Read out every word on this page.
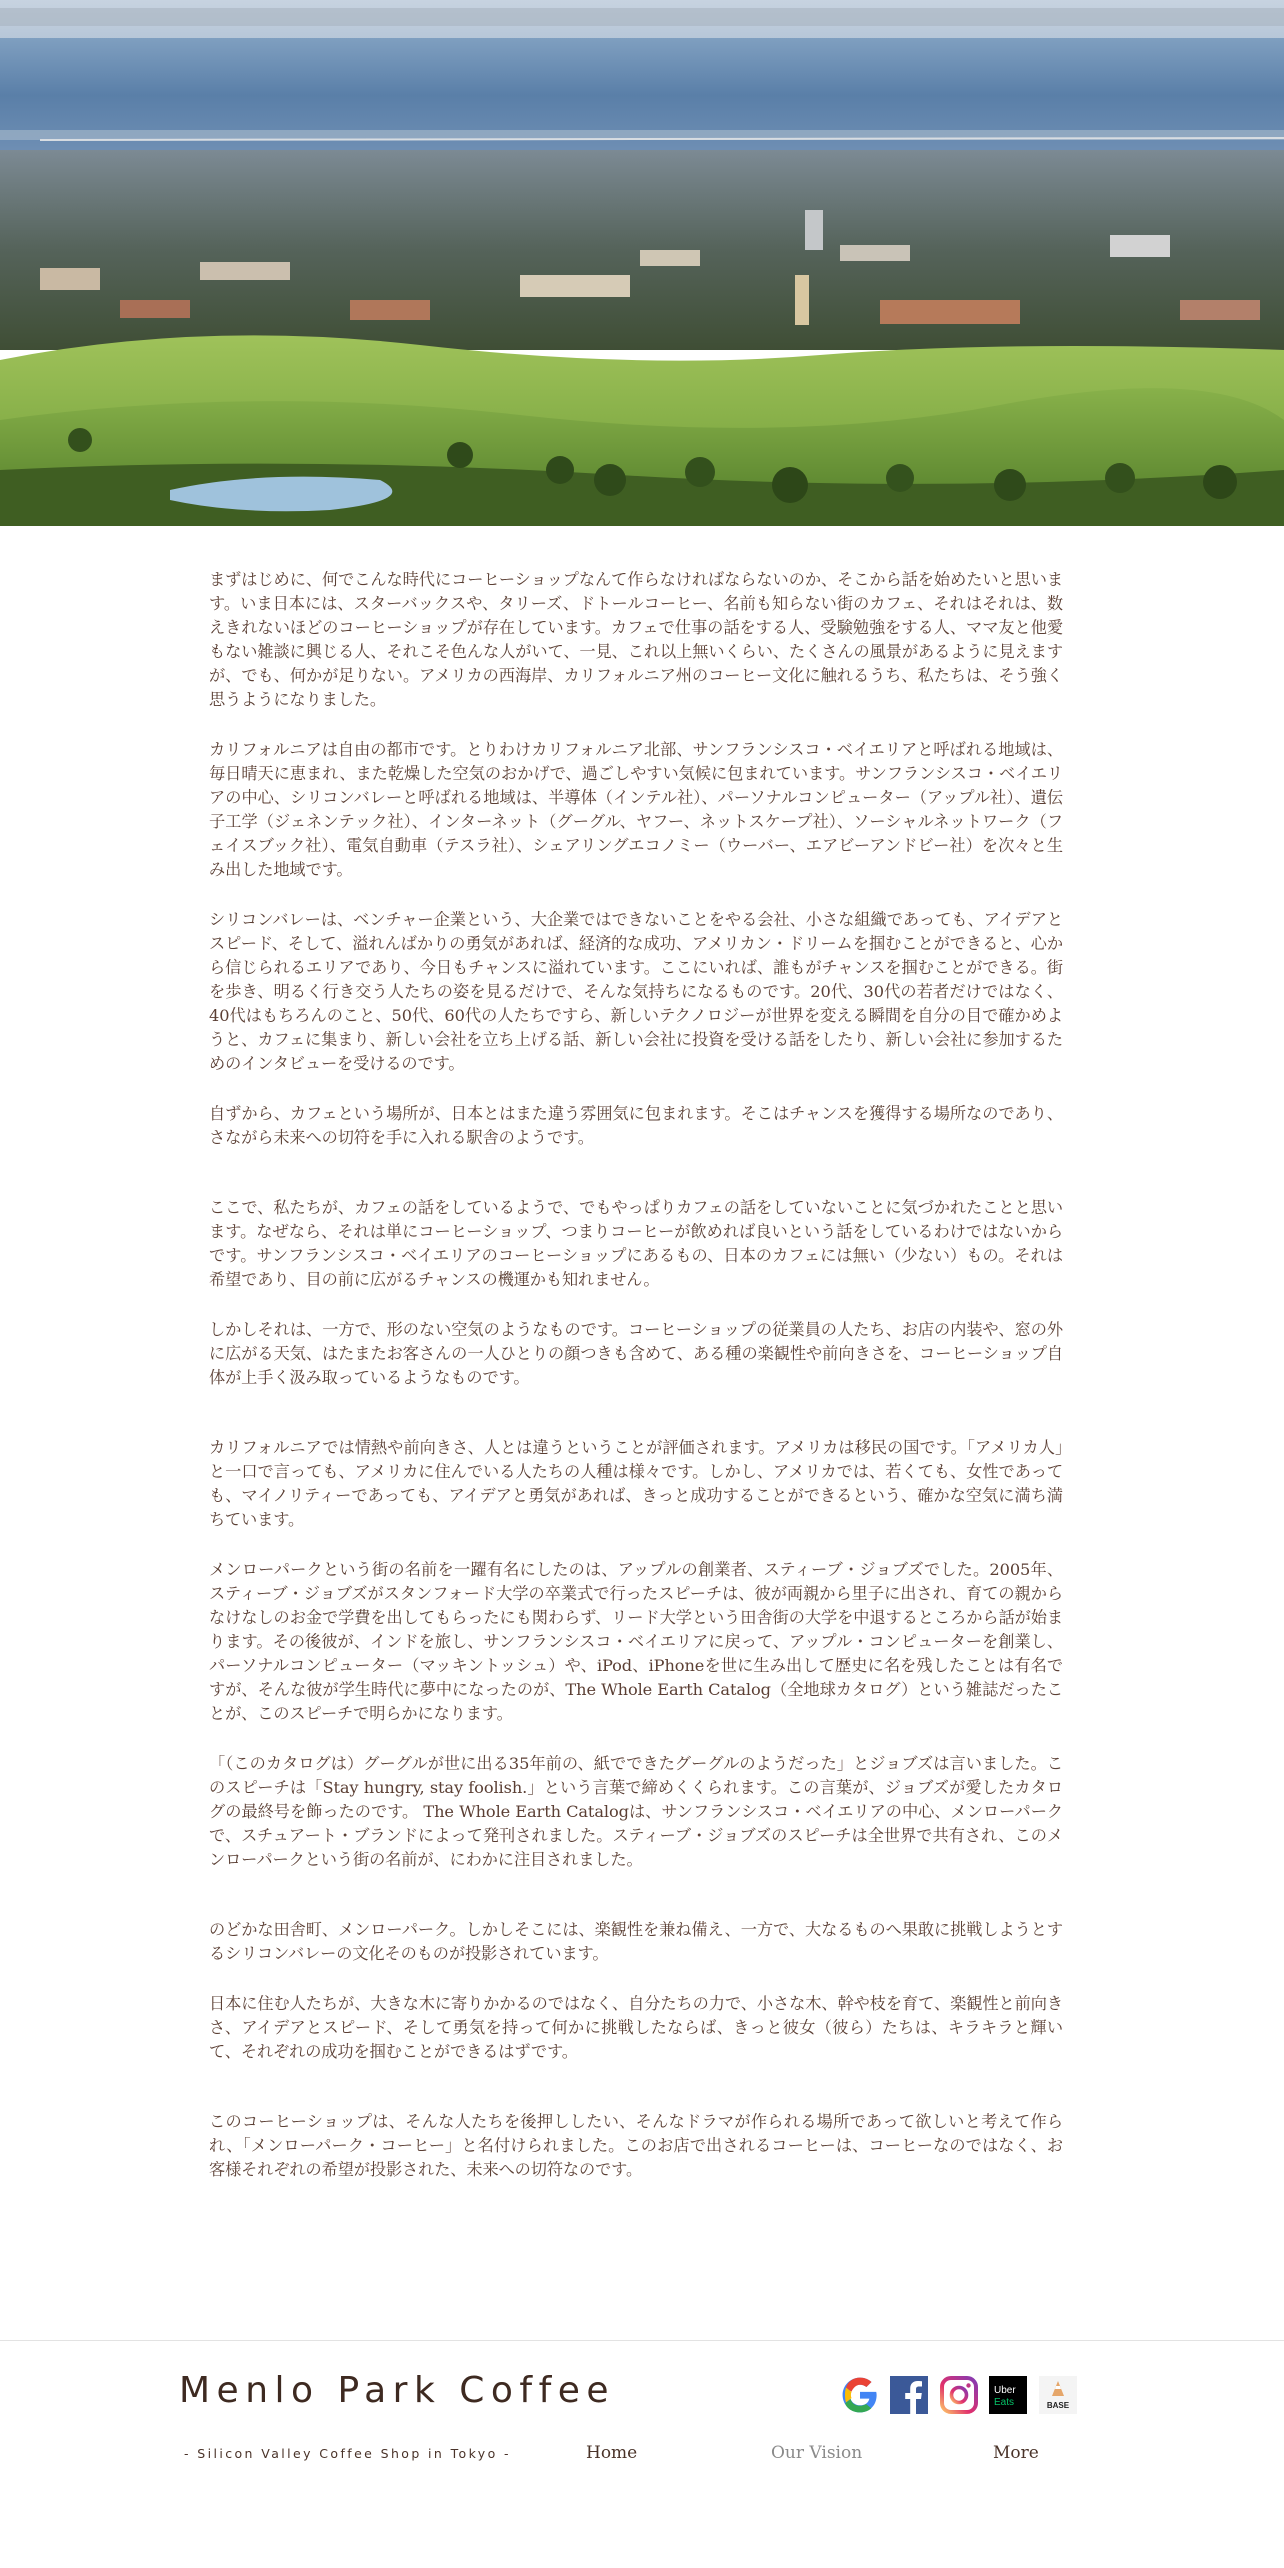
まずはじめに、何でこんな時代にコーヒーショップなんて作らなければならないのか、そこから話を始めたいと思います。いま日本には、スターバックスや、タリーズ、ドトールコーヒー、名前も知らない街のカフェ、それはそれは、数えきれないほどのコーヒーショップが存在しています。カフェで仕事の話をする人、受験勉強をする人、ママ友と他愛もない雑談に興じる人、それこそ色んな人がいて、一見、これ以上無いくらい、たくさんの風景があるように見えますが、でも、何かが足りない。アメリカの西海岸、カリフォルニア州のコーヒー文化に触れるうち、私たちは、そう強く思うようになりました。

カリフォルニアは自由の都市です。とりわけカリフォルニア北部、サンフランシスコ・ベイエリアと呼ばれる地域は、毎日晴天に恵まれ、また乾燥した空気のおかげで、過ごしやすい気候に包まれています。サンフランシスコ・ベイエリアの中心、シリコンバレーと呼ばれる地域は、半導体（インテル社）、パーソナルコンピューター（アップル社）、遺伝子工学（ジェネンテック社）、インターネット（グーグル、ヤフー、ネットスケープ社）、ソーシャルネットワーク（フェイスブック社）、電気自動車（テスラ社）、シェアリングエコノミー（ウーバー、エアビーアンドビー社）を次々と生み出した地域です。

シリコンバレーは、ベンチャー企業という、大企業ではできないことをやる会社、小さな組織であっても、アイデアとスピード、そして、溢れんばかりの勇気があれば、経済的な成功、アメリカン・ドリームを掴むことができると、心から信じられるエリアであり、今日もチャンスに溢れています。ここにいれば、誰もがチャンスを掴むことができる。街を歩き、明るく行き交う人たちの姿を見るだけで、そんな気持ちになるものです。20代、30代の若者だけではなく、40代はもちろんのこと、50代、60代の人たちですら、新しいテクノロジーが世界を変える瞬間を自分の目で確かめようと、カフェに集まり、新しい会社を立ち上げる話、新しい会社に投資を受ける話をしたり、新しい会社に参加するためのインタビューを受けるのです。

自ずから、カフェという場所が、日本とはまた違う雰囲気に包まれます。そこはチャンスを獲得する場所なのであり、さながら未来への切符を手に入れる駅舎のようです。

ここで、私たちが、カフェの話をしているようで、でもやっぱりカフェの話をしていないことに気づかれたことと思います。なぜなら、それは単にコーヒーショップ、つまりコーヒーが飲めれば良いという話をしているわけではないからです。サンフランシスコ・ベイエリアのコーヒーショップにあるもの、日本のカフェには無い（少ない）もの。それは希望であり、目の前に広がるチャンスの機運かも知れません。

しかしそれは、一方で、形のない空気のようなものです。コーヒーショップの従業員の人たち、お店の内装や、窓の外に広がる天気、はたまたお客さんの一人ひとりの顔つきも含めて、ある種の楽観性や前向きさを、コーヒーショップ自体が上手く汲み取っているようなものです。

カリフォルニアでは情熱や前向きさ、人とは違うということが評価されます。アメリカは移民の国です。「アメリカ人」と一口で言っても、アメリカに住んでいる人たちの人種は様々です。しかし、アメリカでは、若くても、女性であっても、マイノリティーであっても、アイデアと勇気があれば、きっと成功することができるという、確かな空気に満ち満ちています。

メンローパークという街の名前を一躍有名にしたのは、アップルの創業者、スティーブ・ジョブズでした。2005年、スティーブ・ジョブズがスタンフォード大学の卒業式で行ったスピーチは、彼が両親から里子に出され、育ての親からなけなしのお金で学費を出してもらったにも関わらず、リード大学という田舎街の大学を中退するところから話が始まります。その後彼が、インドを旅し、サンフランシスコ・ベイエリアに戻って、アップル・コンピューターを創業し、パーソナルコンピューター（マッキントッシュ）や、iPod、iPhoneを世に生み出して歴史に名を残したことは有名ですが、そんな彼が学生時代に夢中になったのが、The Whole Earth Catalog（全地球カタログ）という雑誌だったことが、このスピーチで明らかになります。

「（このカタログは）グーグルが世に出る35年前の、紙でできたグーグルのようだった」とジョブズは言いました。このスピーチは「Stay hungry, stay foolish.」という言葉で締めくくられます。この言葉が、ジョブズが愛したカタログの最終号を飾ったのです。 The Whole Earth Catalogは、サンフランシスコ・ベイエリアの中心、メンローパークで、スチュアート・ブランドによって発刊されました。スティーブ・ジョブズのスピーチは全世界で共有され、このメンローパークという街の名前が、にわかに注目されました。

のどかな田舎町、メンローパーク。しかしそこには、楽観性を兼ね備え、一方で、大なるものへ果敢に挑戦しようとするシリコンバレーの文化そのものが投影されています。

日本に住む人たちが、大きな木に寄りかかるのではなく、自分たちの力で、小さな木、幹や枝を育て、楽観性と前向きさ、アイデアとスピード、そして勇気を持って何かに挑戦したならば、きっと彼女（彼ら）たちは、キラキラと輝いて、それぞれの成功を掴むことができるはずです。

このコーヒーショップは、そんな人たちを後押ししたい、そんなドラマが作られる場所であって欲しいと考えて作られ、「メンローパーク・コーヒー」と名付けられました。このお店で出されるコーヒーは、コーヒーなのではなく、お客様それぞれの希望が投影された、未来への切符なのです。

Menlo Park Coffee
- Silicon Valley Coffee Shop in Tokyo -	Home	Our Vision	More
Uber
Eats	BASE
